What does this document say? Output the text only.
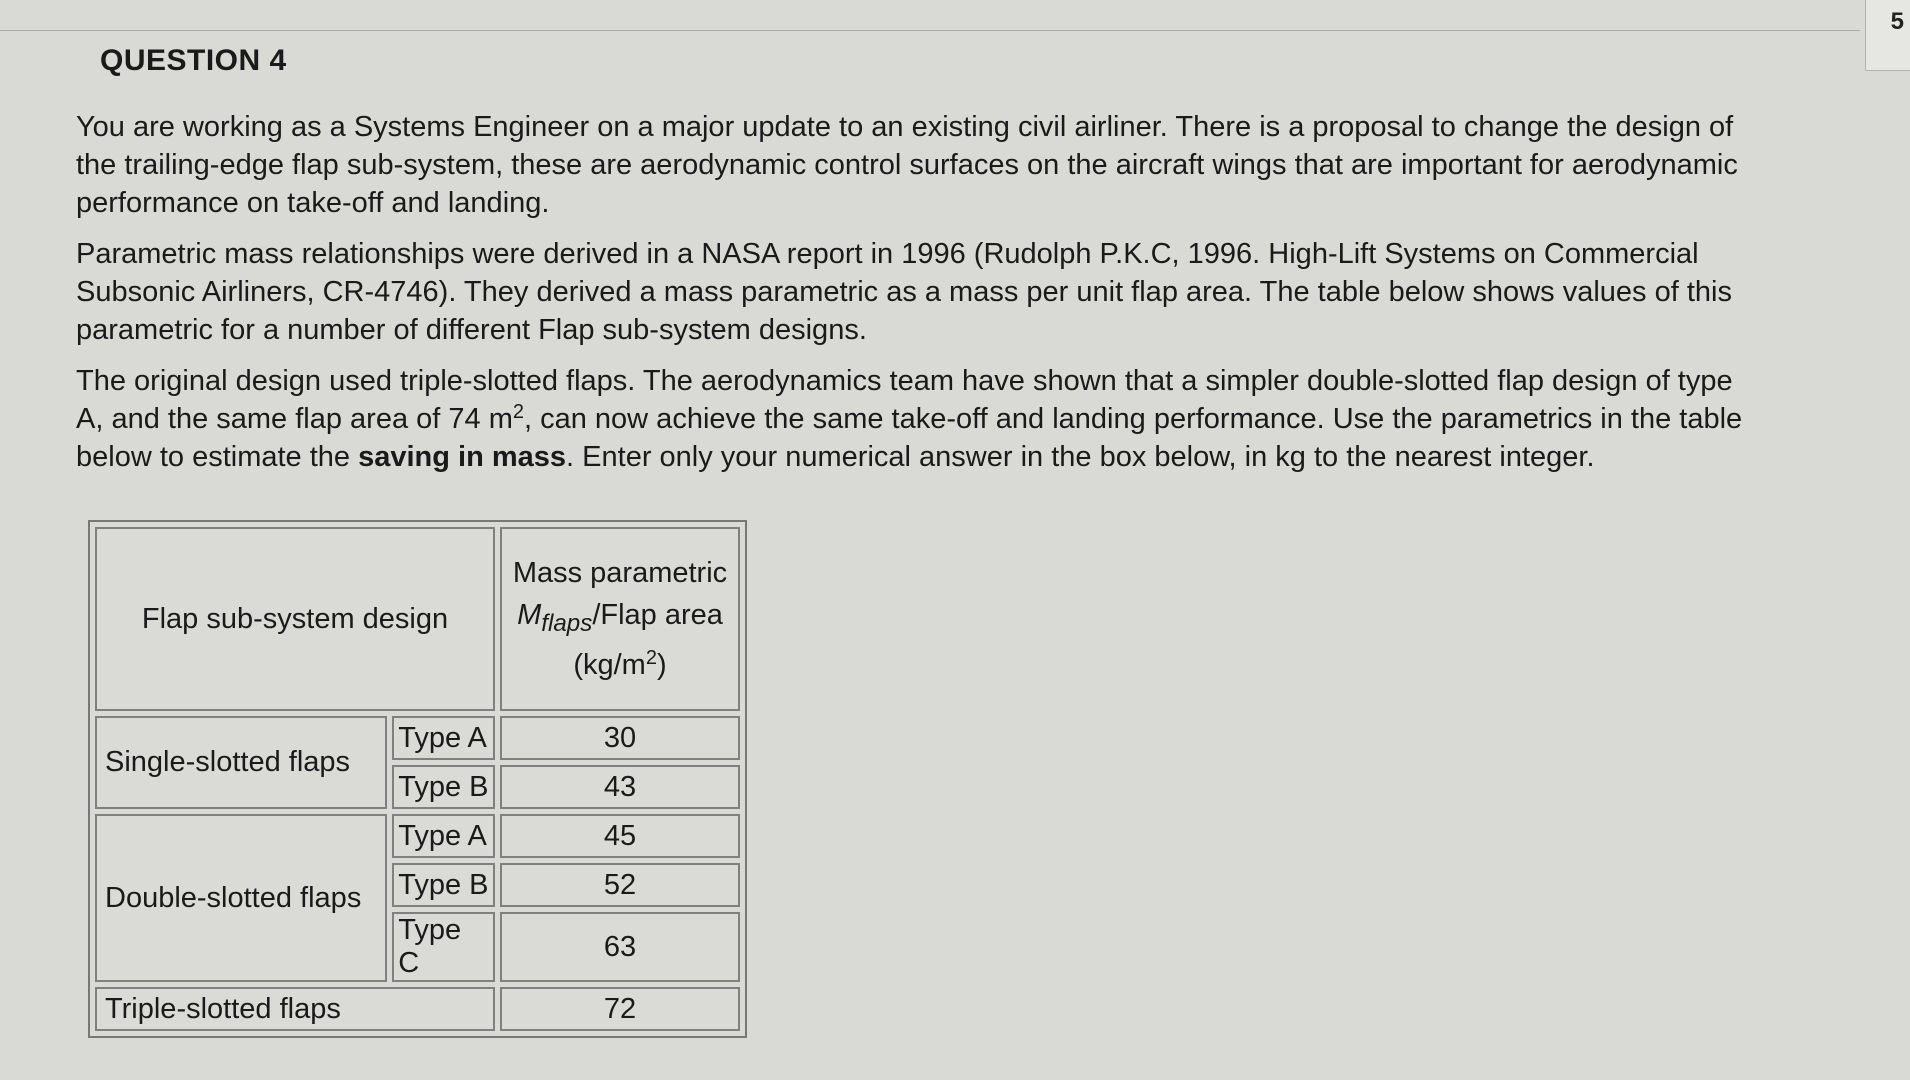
5
QUESTION 4

You are working as a Systems Engineer on a major update to an existing civil airliner. There is a proposal to change the design of the trailing-edge flap sub-system, these are aerodynamic control surfaces on the aircraft wings that are important for aerodynamic performance on take-off and landing.

Parametric mass relationships were derived in a NASA report in 1996 (Rudolph P.K.C, 1996. High-Lift Systems on Commercial Subsonic Airliners, CR-4746). They derived a mass parametric as a mass per unit flap area. The table below shows values of this parametric for a number of different Flap sub-system designs.

The original design used triple-slotted flaps. The aerodynamics team have shown that a simpler double-slotted flap design of type A, and the same flap area of 74 $m^2$, can now achieve the same take-off and landing performance. Use the parametrics in the table below to estimate the saving in mass. Enter only your numerical answer in the box below, in kg to the nearest integer.

Flap sub-system design		Mass parametric
$M_{flaps}$/Flap area
$(kg/m^2)$

Single-slotted flaps	Type A	30
	Type B	43
Double-slotted flaps	Type A	45
	Type B	52
	Type C	63
Triple-slotted flaps		72
